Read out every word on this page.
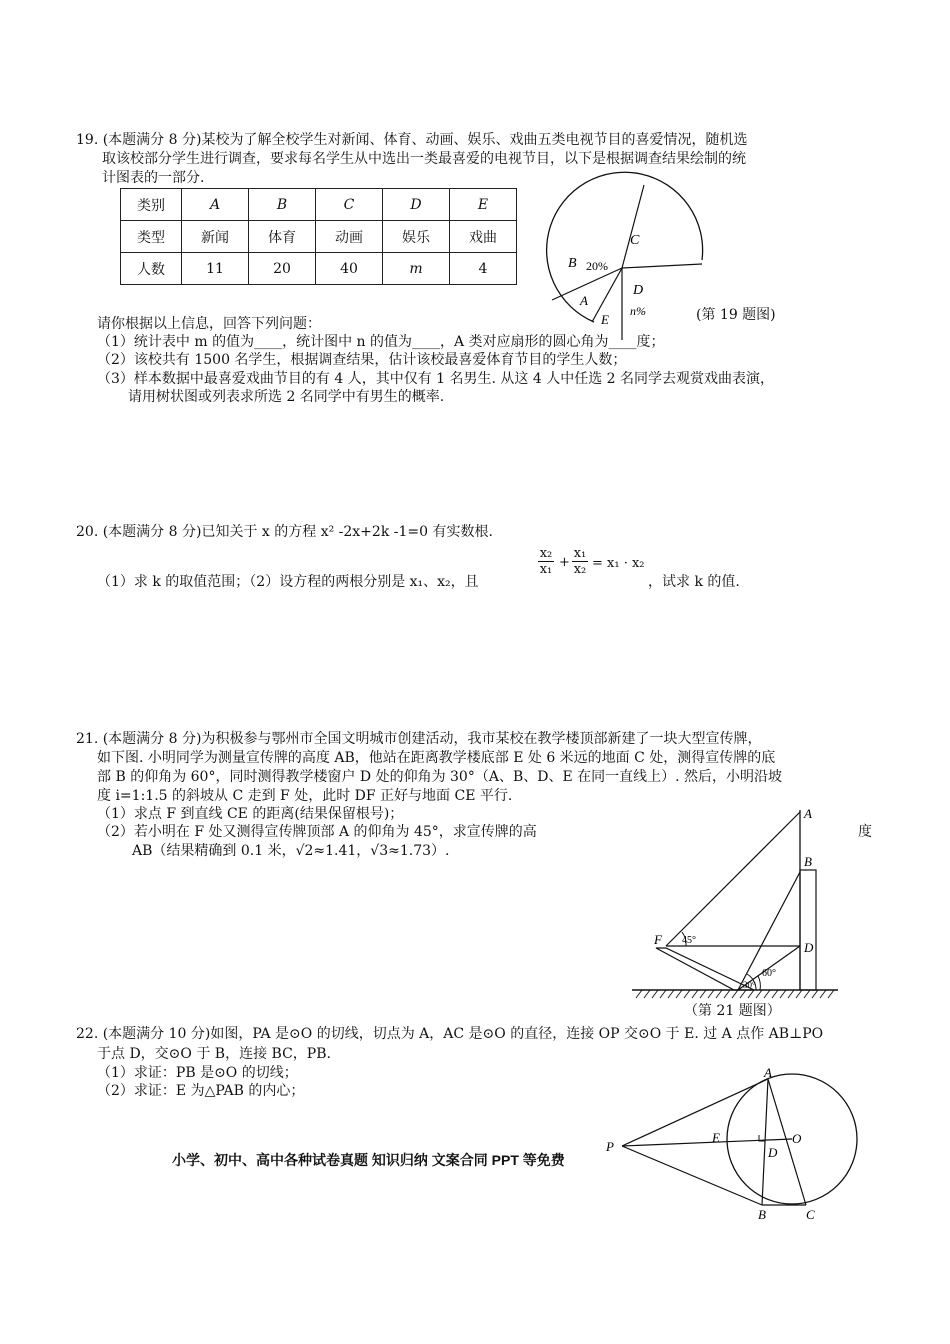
19. (本题满分 8 分)某校为了解全校学生对新闻、体育、动画、娱乐、戏曲五类电视节目的喜爱情况，随机选
取该校部分学生进行调查，要求每名学生从中选出一类最喜爱的电视节目，以下是根据调查结果绘制的统
计图表的一部分.
类别	A	B	C	D	E
类型	新闻	体育	动画	娱乐	戏曲
人数	11	20	40	m	4
C
B 20%
D
n%
A
E	(第 19 题图)
请你根据以上信息，回答下列问题：
（1）统计表中 m 的值为____，统计图中 n 的值为____，A 类对应扇形的圆心角为____度；
（2）该校共有 1500 名学生，根据调查结果，估计该校最喜爱体育节目的学生人数；
（3）样本数据中最喜爱戏曲节目的有 4 人，其中仅有 1 名男生. 从这 4 人中任选 2 名同学去观赏戏曲表演，
请用树状图或列表求所选 2 名同学中有男生的概率.
20. (本题满分 8 分)已知关于 x 的方程 x² -2x+2k -1=0 有实数根.
（1）求 k 的取值范围；（2）设方程的两根分别是 x₁、x₂，且
$\frac{\text{x₂}}{\text{x₁}} + \frac{\text{x₁}}{\text{x₂}} = x_1 \cdot x_2$
，试求 k 的值.
21. (本题满分 8 分)为积极参与鄂州市全国文明城市创建活动，我市某校在教学楼顶部新建了一块大型宣传牌，
如下图. 小明同学为测量宣传牌的高度 AB，他站在距离教学楼底部 E 处 6 米远的地面 C 处，测得宣传牌的底
部 B 的仰角为 60°，同时测得教学楼窗户 D 处的仰角为 30°（A、B、D、E 在同一直线上）. 然后，小明沿坡
度 i=1:1.5 的斜坡从 C 走到 F 处，此时 DF 正好与地面 CE 平行.
（1）求点 F 到直线 CE 的距离(结果保留根号)；
（2）若小明在 F 处又测得宣传牌顶部 A 的仰角为 45°，求宣传牌的高	度
AB（结果精确到 0.1 米，√2≈1.41，√3≈1.73）.
A
B
D
F 45°
60°
30°
（第 21 题图）
22. (本题满分 10 分)如图，PA 是⊙O 的切线，切点为 A，AC 是⊙O 的直径，连接 OP 交⊙O 于 E. 过 A 点作 AB⊥PO
于点 D，交⊙O 于 B，连接 BC，PB.
（1）求证：PB 是⊙O 的切线；
（2）求证：E 为△PAB 的内心；
A
P
E	O
D
B	C
小学、初中、高中各种试卷真题 知识归纳 文案合同 PPT 等免费
